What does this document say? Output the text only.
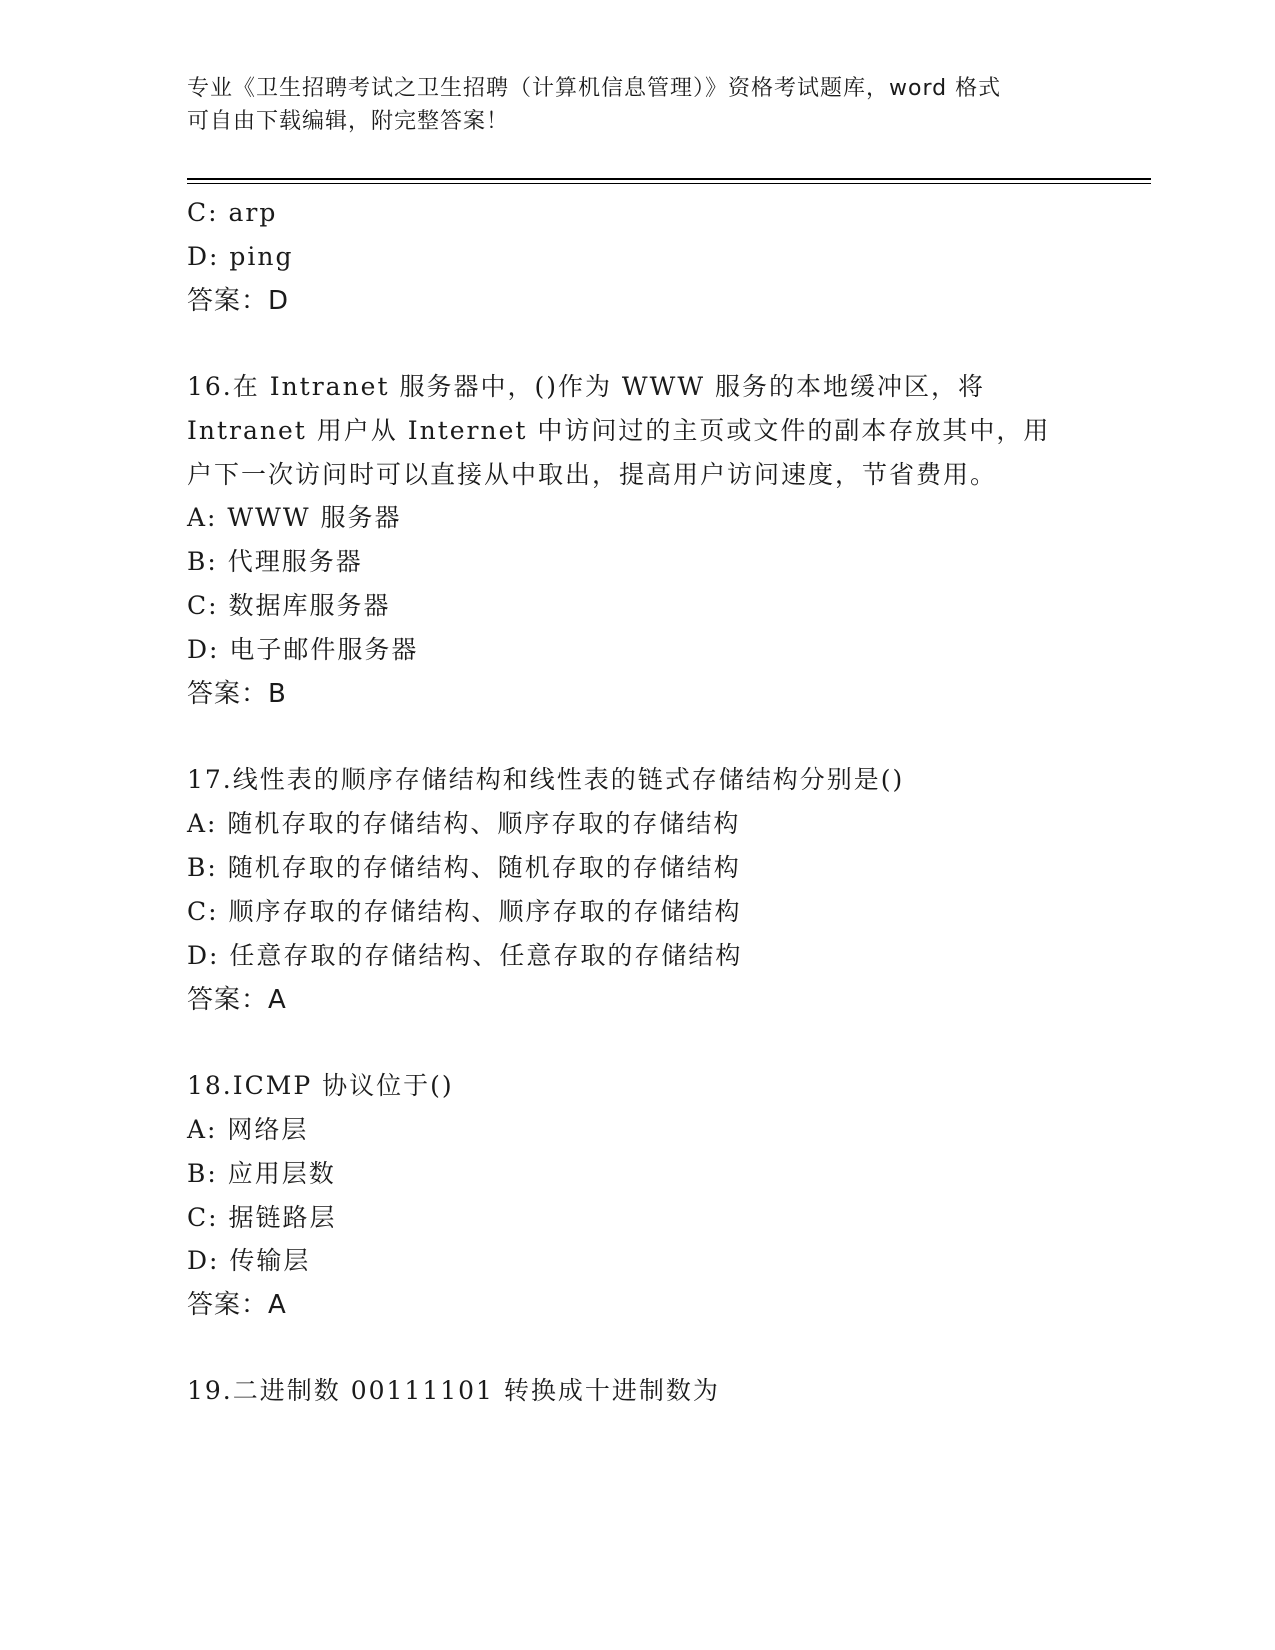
专业《卫生招聘考试之卫生招聘（计算机信息管理）》资格考试题库，word 格式
可自由下载编辑，附完整答案！
C: arp
D: ping
答案：D
16.在 Intranet 服务器中，()作为 WWW 服务的本地缓冲区，将
Intranet 用户从 Internet 中访问过的主页或文件的副本存放其中，用
户下一次访问时可以直接从中取出，提高用户访问速度，节省费用。
A: WWW 服务器
B: 代理服务器
C: 数据库服务器
D: 电子邮件服务器
答案：B
17.线性表的顺序存储结构和线性表的链式存储结构分别是()
A: 随机存取的存储结构、顺序存取的存储结构
B: 随机存取的存储结构、随机存取的存储结构
C: 顺序存取的存储结构、顺序存取的存储结构
D: 任意存取的存储结构、任意存取的存储结构
答案：A
18.ICMP 协议位于()
A: 网络层
B: 应用层数
C: 据链路层
D: 传输层
答案：A
19.二进制数 00111101 转换成十进制数为
